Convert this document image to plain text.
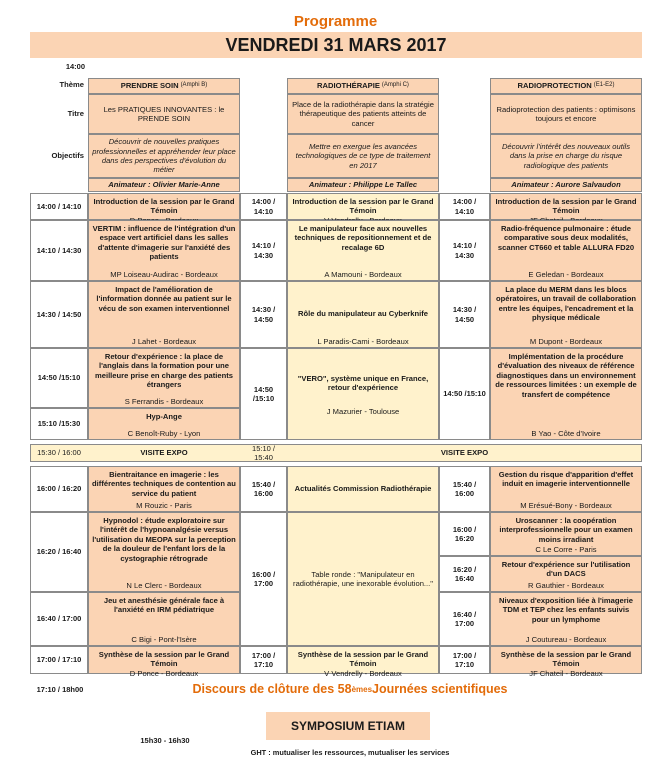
Programme
VENDREDI 31 MARS 2017
14:00
Thème
Titre
Objectifs
PRENDRE SOIN (Amphi B)
Les PRATIQUES INNOVANTES : le PRENDE SOIN
Découvrir de nouvelles pratiques professionnelles et appréhender leur place dans des perspectives d'évolution du métier
Animateur : Olivier Marie-Anne
RADIOTHÉRAPIE (Amphi C)
Place de la radiothérapie dans la stratégie thérapeutique des patients atteints de cancer
Mettre en exergue les avancées technologiques de ce type de traitement en 2017
Animateur : Philippe Le Tallec
RADIOPROTECTION (E1-E2)
Radioprotection des patients : optimisons toujours et encore
Découvrir l'intérêt des nouveaux outils dans la prise en charge du risque radiologique des patients
Animateur : Aurore Salvaudon
14:00 / 14:10
Introduction de la session par le Grand Témoin
14:10 / 14:30
VERTIM : influence de l'intégration d'un espace vert artificiel dans les salles d'attente d'imagerie sur l'anxiété des patients
MP Loiseau-Audirac - Bordeaux
14:30 / 14:50
Impact de l'amélioration de l'information donnée au patient sur le vécu de son examen interventionnel
J Lahet - Bordeaux
14:50 /15:10
Retour d'expérience : la place de l'anglais dans la formation pour une meilleure prise en charge des patients étrangers
S Ferrandis - Bordeaux
15:10 /15:30
Hyp-Ange
C Benoît-Ruby - Lyon
15:30 / 16:00	VISITE EXPO
15:10 / 15:40
VISITE EXPO
16:00 / 16:20
Bientraitance en imagerie : les différentes techniques de contention au service du patient
M Rouzic - Paris
16:20 / 16:40
Hypnodol : étude exploratoire sur l'intérêt de l'hypnoanalgésie versus l'utilisation du MEOPA sur la perception de la douleur de l'enfant lors de la cystographie rétrograde
N Le Clerc - Bordeaux
16:40 / 17:00
Jeu et anesthésie générale face à l'anxiété en IRM pédiatrique
C Bigi - Pont-l'Isère
17:00 / 17:10
Synthèse de la session par le Grand Témoin
D Ponce - Bordeaux
14:00 / 14:10
Introduction de la session par le Grand Témoin
14:10 / 14:30
Le manipulateur face aux nouvelles techniques de repositionnement et de recalage 6D
A Mamouni - Bordeaux
14:30 / 14:50
Rôle du manipulateur au Cyberknife
L Paradis-Cami - Bordeaux
14:50 /15:10
"VERO", système unique en France, retour d'expérience
J Mazurier - Toulouse
15:40 / 16:00
Actualités Commission Radiothérapie
16:00 / 17:00
Table ronde : "Manipulateur en radiothérapie, une inexorable évolution..."
17:00 / 17:10
Synthèse de la session par le Grand Témoin
V Vendrelly - Bordeaux
14:00 / 14:10
Introduction de la session par le Grand Témoin
14:10 / 14:30
Radio-fréquence pulmonaire : étude comparative sous deux modalités, scanner CT660 et table ALLURA FD20
E Geledan - Bordeaux
14:30 / 14:50
La place du MERM dans les blocs opératoires, un travail de collaboration entre les équipes, l'encadrement et la physique médicale
M Dupont - Bordeaux
14:50 /15:10
Implémentation de la procédure d'évaluation des niveaux de référence diagnostiques dans un environnement de ressources limitées : un exemple de transfert de compétence
B Yao - Côte d'Ivoire
15:40 / 16:00
Gestion du risque d'apparition d'effet induit en imagerie interventionnelle
M Erésué-Bony - Bordeaux
16:00 / 16:20
Uroscanner : la coopération interprofessionnelle pour un examen moins irradiant
C Le Corre - Paris
16:20 / 16:40
Retour d'expérience sur l'utilisation d'un DACS
R Gauthier - Bordeaux
16:40 / 17:00
Niveaux d'exposition liée à l'imagerie TDM et TEP chez les enfants suivis pour un lymphome
J Coutureau - Bordeaux
17:00 / 17:10
Synthèse de la session par le Grand Témoin
JF Chateil - Bordeaux
17:10 / 18h00	Discours de clôture des 58 èmes Journées scientifiques
SYMPOSIUM ETIAM
15h30 - 16h30
GHT : mutualiser les ressources, mutualiser les services
